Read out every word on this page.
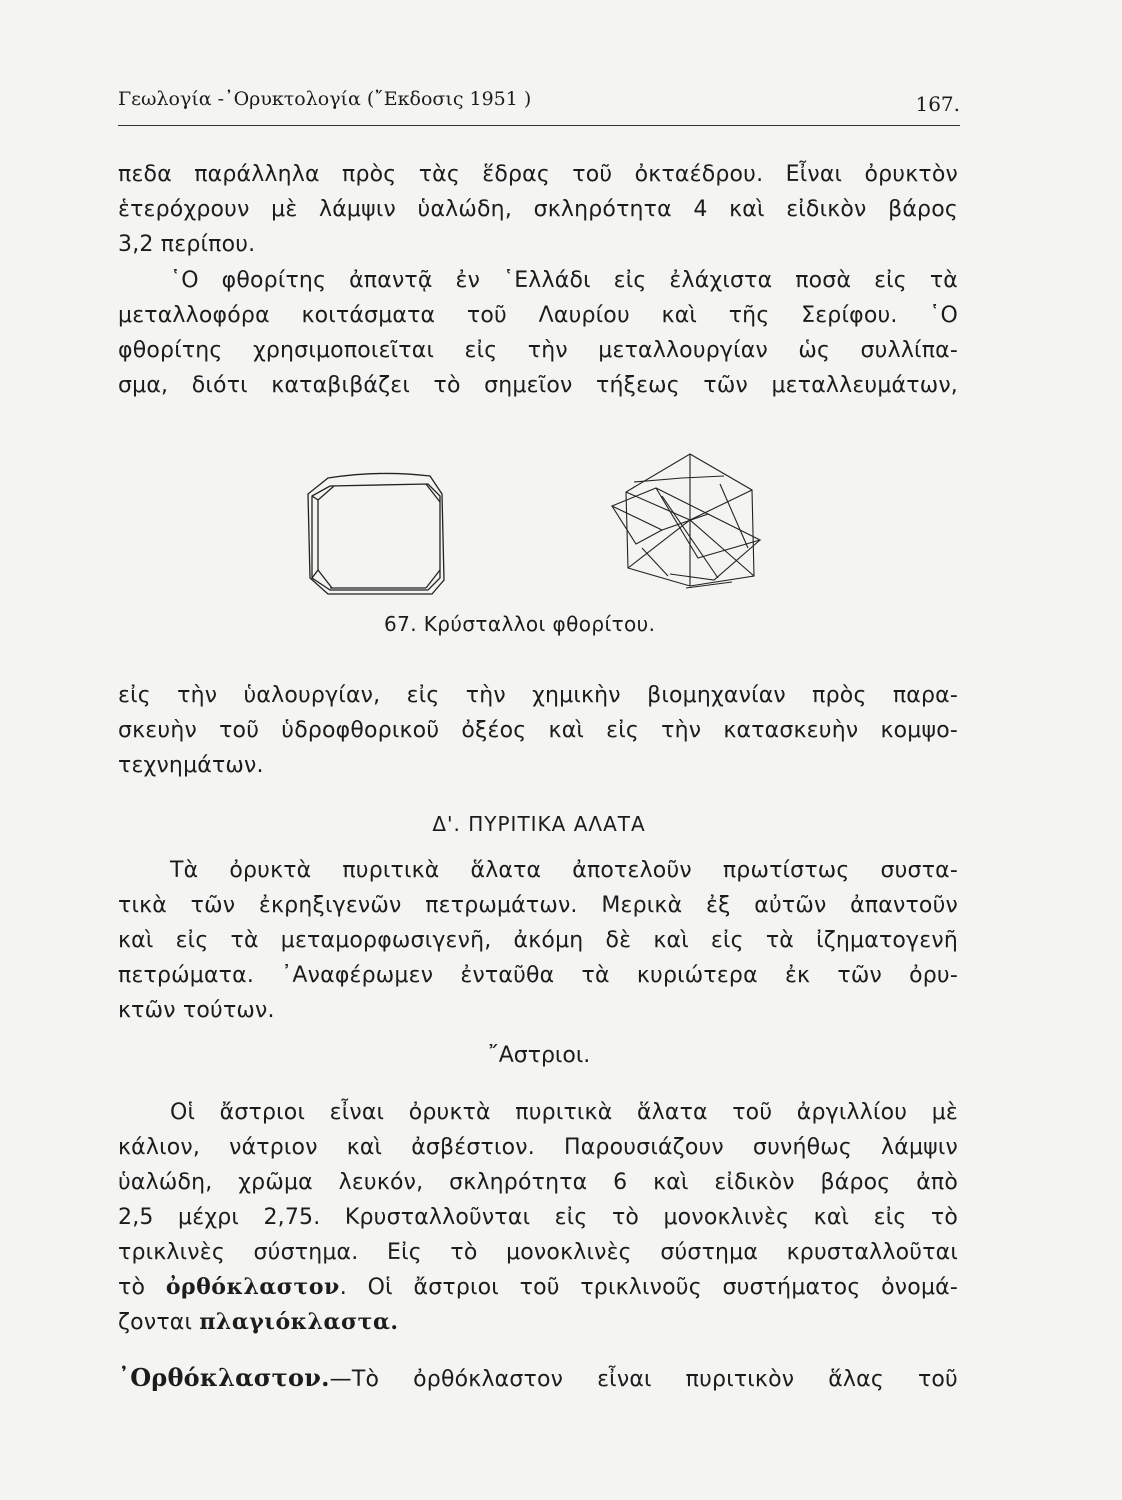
Γεωλογία -᾿Ορυκτολογία (῎Εκδοσις 1951 )	167.

πεδα παράλληλα πρὸς τὰς ἕδρας τοῦ ὀκταέδρου. Εἶναι ὀρυκτὸν
ἑτερόχρουν μὲ λάμψιν ὑαλώδη, σκληρότητα 4 καὶ εἰδικὸν βάρος
3,2 περίπου.

῾Ο φθορίτης ἀπαντᾷ ἐν ῾Ελλάδι εἰς ἐλάχιστα ποσὰ εἰς τὰ
μεταλλοφόρα κοιτάσματα τοῦ Λαυρίου καὶ τῆς Σερίφου. ῾Ο
φθορίτης χρησιμοποιεῖται εἰς τὴν μεταλλουργίαν ὡς συλλίπα-
σμα, διότι καταβιβάζει τὸ σημεῖον τήξεως τῶν μεταλλευμάτων,

67. Κρύσταλλοι φθορίτου.

εἰς τὴν ὑαλουργίαν, εἰς τὴν χημικὴν βιομηχανίαν πρὸς παρα-
σκευὴν τοῦ ὑδροφθορικοῦ ὀξέος καὶ εἰς τὴν κατασκευὴν κομψο-
τεχνημάτων.

Δ'. ΠΥΡΙΤΙΚΑ ΑΛΑΤΑ

Τὰ ὀρυκτὰ πυριτικὰ ἅλατα ἀποτελοῦν πρωτίστως συστα-
τικὰ τῶν ἐκρηξιγενῶν πετρωμάτων. Μερικὰ ἐξ αὐτῶν ἀπαντοῦν
καὶ εἰς τὰ μεταμορφωσιγενῆ, ἀκόμη δὲ καὶ εἰς τὰ ἰζηματογενῆ
πετρώματα. ᾿Αναφέρωμεν ἐνταῦθα τὰ κυριώτερα ἐκ τῶν ὀρυ-
κτῶν τούτων.

῎Αστριοι.

Οἱ ἄστριοι εἶναι ὀρυκτὰ πυριτικὰ ἅλατα τοῦ ἀργιλλίου μὲ
κάλιον, νάτριον καὶ ἀσβέστιον. Παρουσιάζουν συνήθως λάμψιν
ὑαλώδη, χρῶμα λευκόν, σκληρότητα 6 καὶ εἰδικὸν βάρος ἀπὸ
2,5 μέχρι 2,75. Κρυσταλλοῦνται εἰς τὸ μονοκλινὲς καὶ εἰς τὸ
τρικλινὲς σύστημα. Εἰς τὸ μονοκλινὲς σύστημα κρυσταλλοῦται
τὸ ὀρθόκλαστον. Οἱ ἄστριοι τοῦ τρικλινοῦς συστήματος ὀνομά-
ζονται πλαγιόκλαστα.

᾿Ορθόκλαστον.—Τὸ ὀρθόκλαστον εἶναι πυριτικὸν ἅλας τοῦ
